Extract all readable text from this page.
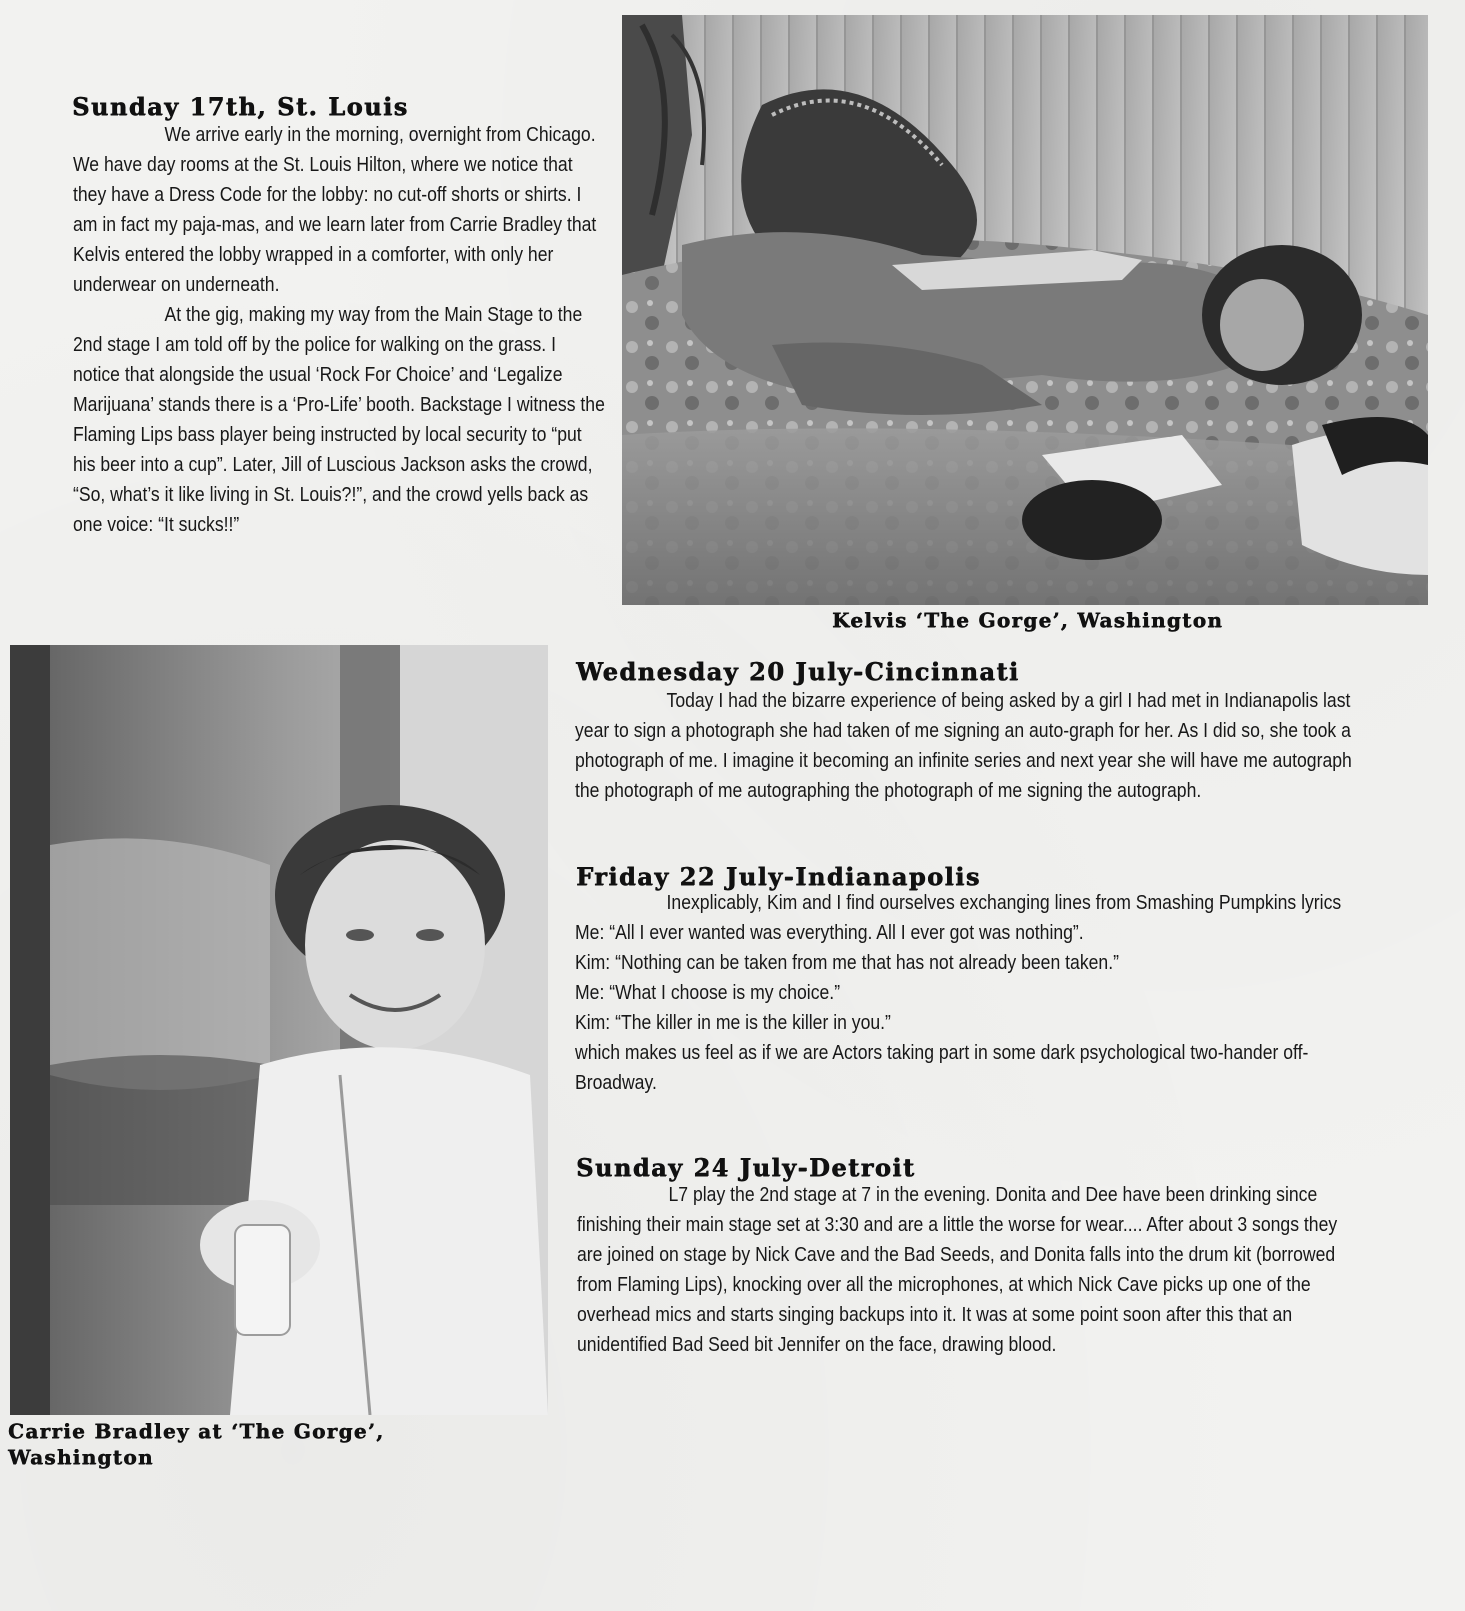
Sunday 17th, St. Louis

We arrive early in the morning, overnight from Chicago. We have day rooms at the St. Louis Hilton, where we notice that they have a Dress Code for the lobby: no cut-off shorts or shirts. I am in fact my paja-mas, and we learn later from Carrie Bradley that Kelvis entered the lobby wrapped in a comforter, with only her underwear on underneath.

At the gig, making my way from the Main Stage to the 2nd stage I am told off by the police for walking on the grass. I notice that alongside the usual ‘Rock For Choice’ and ‘Legalize Marijuana’ stands there is a ‘Pro-Life’ booth. Backstage I witness the Flaming Lips bass player being instructed by local security to “put his beer into a cup”. Later, Jill of Luscious Jackson asks the crowd, “So, what’s it like living in St. Louis?!”, and the crowd yells back as one voice: “It sucks!!”

Kelvis ‘The Gorge’, Washington
Carrie Bradley at ‘The Gorge’,
Washington
Wednesday 20 July-Cincinnati

Today I had the bizarre experience of being asked by a girl I had met in Indianapolis last year to sign a photograph she had taken of me signing an auto-graph for her. As I did so, she took a photograph of me. I imagine it becoming an infinite series and next year she will have me autograph the photograph of me autographing the photograph of me signing the autograph.

Friday 22 July-Indianapolis

Inexplicably, Kim and I find ourselves exchanging lines from Smashing Pumpkins lyrics

Me: “All I ever wanted was everything. All I ever got was nothing”.

Kim: “Nothing can be taken from me that has not already been taken.”

Me: “What I choose is my choice.”

Kim: “The killer in me is the killer in you.”

which makes us feel as if we are Actors taking part in some dark psychological two-hander off-Broadway.

Sunday 24 July-Detroit

L7 play the 2nd stage at 7 in the evening. Donita and Dee have been drinking since finishing their main stage set at 3:30 and are a little the worse for wear.... After about 3 songs they are joined on stage by Nick Cave and the Bad Seeds, and Donita falls into the drum kit (borrowed from Flaming Lips), knocking over all the microphones, at which Nick Cave picks up one of the overhead mics and starts singing backups into it. It was at some point soon after this that an unidentified Bad Seed bit Jennifer on the face, drawing blood.
